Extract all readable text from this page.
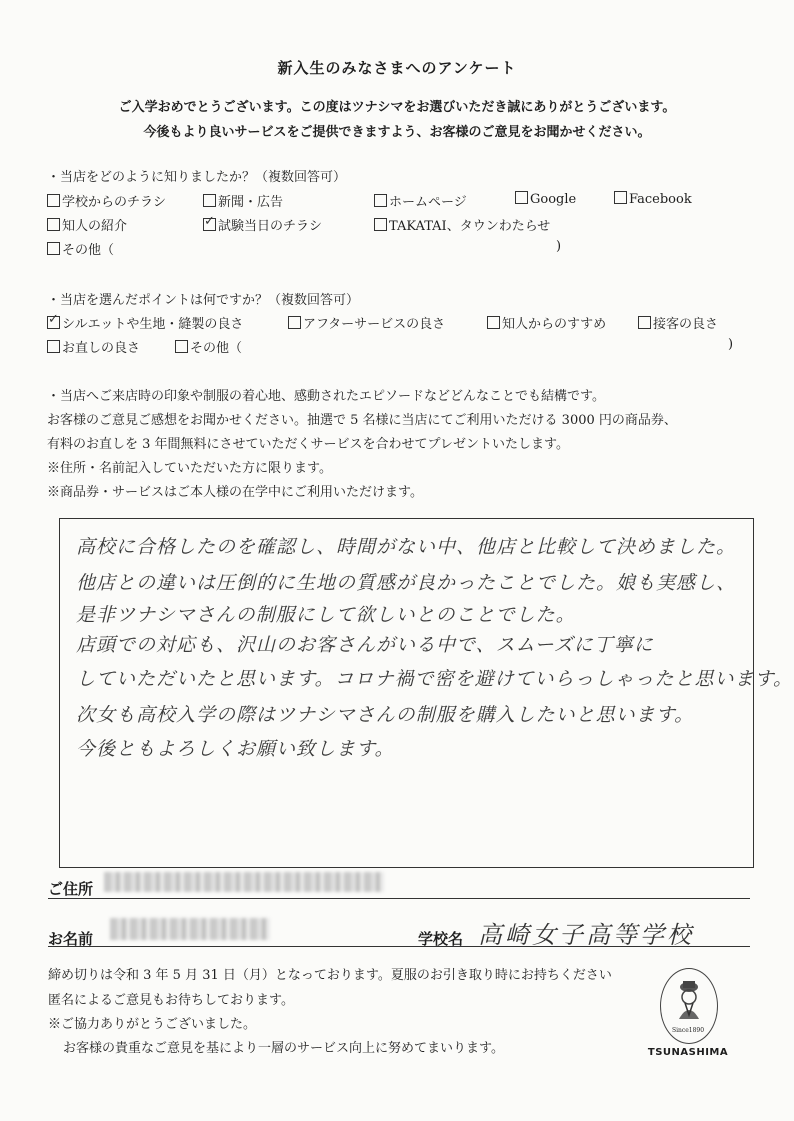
新入生のみなさまへのアンケート
ご入学おめでとうございます。この度はツナシマをお選びいただき誠にありがとうございます。
今後もより良いサービスをご提供できますよう、お客様のご意見をお聞かせください。
・当店をどのように知りましたか？（複数回答可）
学校からのチラシ	新聞・広告	ホームページ	Google	Facebook
知人の紹介
✓	試験当日のチラシ	TAKATAI、タウンわたらせ
その他（	)
・当店を選んだポイントは何ですか？（複数回答可）
✓シルエットや生地・縫製の良さ	アフターサービスの良さ	知人からのすすめ	接客の良さ
お直しの良さ	その他（	)
・当店へご来店時の印象や制服の着心地、感動されたエピソードなどどんなことでも結構です。
お客様のご意見ご感想をお聞かせください。抽選で 5 名様に当店にてご利用いただける 3000 円の商品券、
有料のお直しを 3 年間無料にさせていただくサービスを合わせてプレゼントいたします。
※住所・名前記入していただいた方に限ります。
※商品券・サービスはご本人様の在学中にご利用いただけます。
高校に合格したのを確認し、時間がない中、他店と比較して決めました。
他店との違いは圧倒的に生地の質感が良かったことでした。娘も実感し、
是非ツナシマさんの制服にして欲しいとのことでした。
店頭での対応も、沢山のお客さんがいる中で、スムーズに丁寧に
していただいたと思います。コロナ禍で密を避けていらっしゃったと思います。
次女も高校入学の際はツナシマさんの制服を購入したいと思います。
今後ともよろしくお願い致します。
ご住所
お名前	学校名 高崎女子高等学校
締め切りは令和 3 年 5 月 31 日（月）となっております。夏服のお引き取り時にお持ちください
匿名によるご意見もお待ちしております。
※ご協力ありがとうございました。
お客様の貴重なご意見を基により一層のサービス向上に努めてまいります。
Since1890
TSUNASHIMA
